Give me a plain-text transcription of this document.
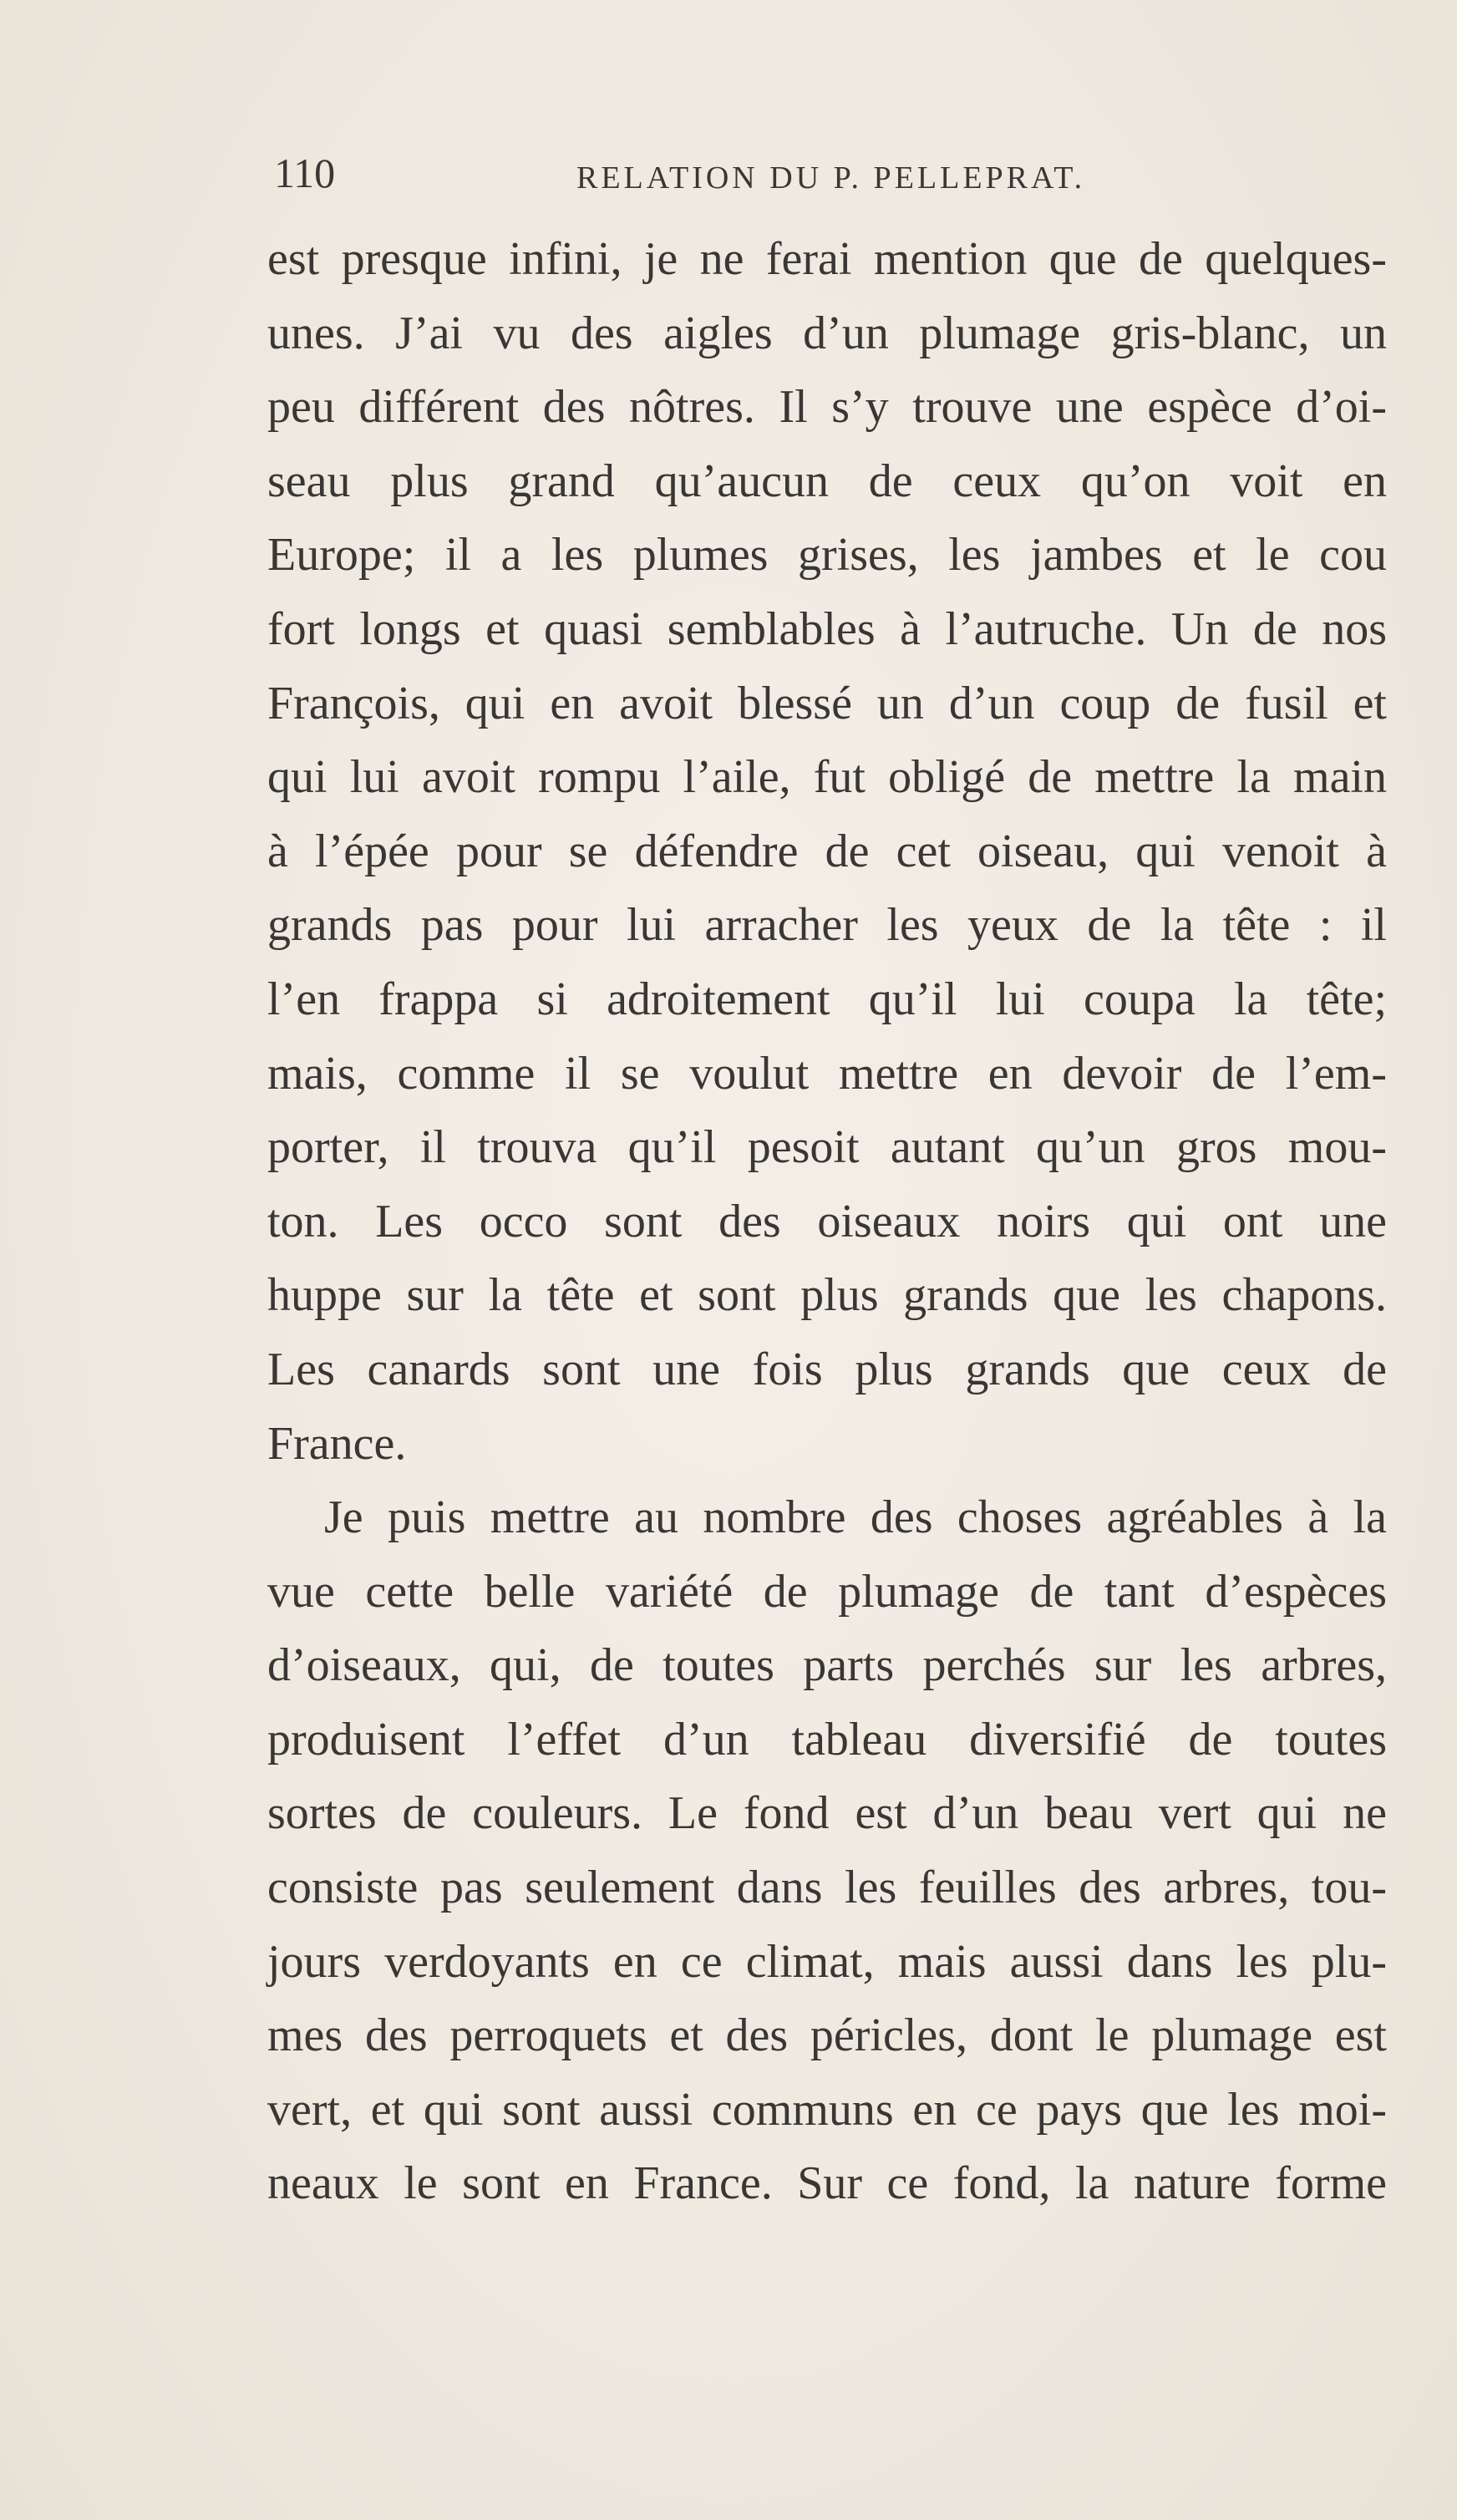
110	RELATION DU P. PELLEPRAT.
est presque infini, je ne ferai mention que de quelques-
unes. J’ai vu des aigles d’un plumage gris-blanc, un
peu différent des nôtres. Il s’y trouve une espèce d’oi-
seau plus grand qu’aucun de ceux qu’on voit en
Europe; il a les plumes grises, les jambes et le cou
fort longs et quasi semblables à l’autruche. Un de nos
François, qui en avoit blessé un d’un coup de fusil et
qui lui avoit rompu l’aile, fut obligé de mettre la main
à l’épée pour se défendre de cet oiseau, qui venoit à
grands pas pour lui arracher les yeux de la tête : il
l’en frappa si adroitement qu’il lui coupa la tête;
mais, comme il se voulut mettre en devoir de l’em-
porter, il trouva qu’il pesoit autant qu’un gros mou-
ton. Les occo sont des oiseaux noirs qui ont une
huppe sur la tête et sont plus grands que les chapons.
Les canards sont une fois plus grands que ceux de
France.
Je puis mettre au nombre des choses agréables à la
vue cette belle variété de plumage de tant d’espèces
d’oiseaux, qui, de toutes parts perchés sur les arbres,
produisent l’effet d’un tableau diversifié de toutes
sortes de couleurs. Le fond est d’un beau vert qui ne
consiste pas seulement dans les feuilles des arbres, tou-
jours verdoyants en ce climat, mais aussi dans les plu-
mes des perroquets et des péricles, dont le plumage est
vert, et qui sont aussi communs en ce pays que les moi-
neaux le sont en France. Sur ce fond, la nature forme
